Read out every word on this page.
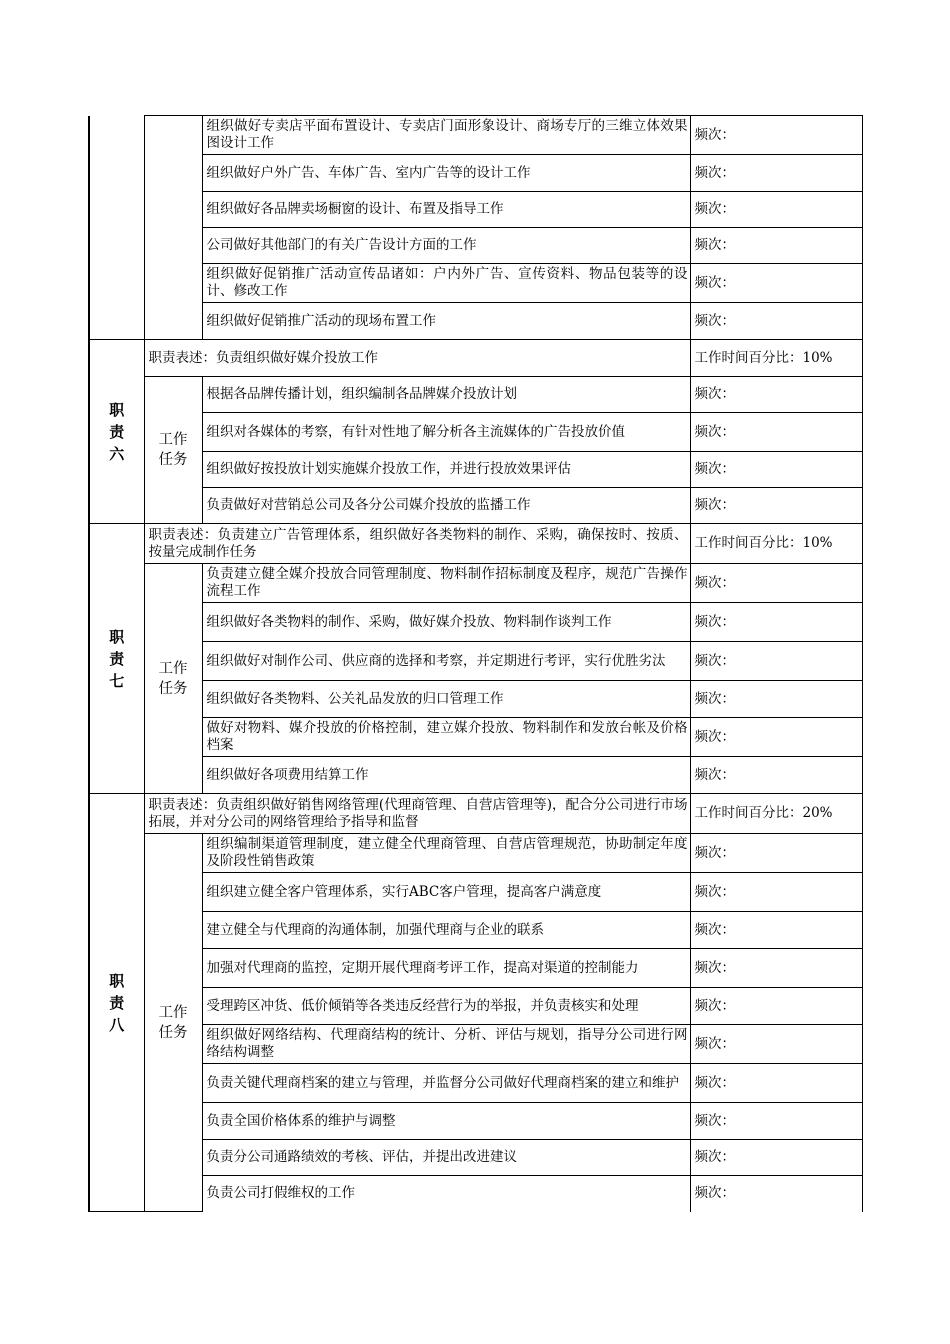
		组织做好专卖店平面布置设计、专卖店门面形象设计、商场专厅的三维立体效果图设计工作	频次：
		组织做好户外广告、车体广告、室内广告等的设计工作	频次：
		组织做好各品牌卖场橱窗的设计、布置及指导工作	频次：
		公司做好其他部门的有关广告设计方面的工作	频次：
		组织做好促销推广活动宣传品诸如：户内外广告、宣传资料、物品包装等的设计、修改工作	频次：
		组织做好促销推广活动的现场布置工作	频次：
职责六	职责表述：负责组织做好媒介投放工作		工作时间百分比：10%
	工作任务	根据各品牌传播计划，组织编制各品牌媒介投放计划	频次：
		组织对各媒体的考察，有针对性地了解分析各主流媒体的广告投放价值	频次：
		组织做好按投放计划实施媒介投放工作，并进行投放效果评估	频次：
		负责做好对营销总公司及各分公司媒介投放的监播工作	频次：
职责七	职责表述：负责建立广告管理体系，组织做好各类物料的制作、采购，确保按时、按质、按量完成制作任务		工作时间百分比：10%
	工作任务	负责建立健全媒介投放合同管理制度、物料制作招标制度及程序，规范广告操作流程工作	频次：
		组织做好各类物料的制作、采购，做好媒介投放、物料制作谈判工作	频次：
		组织做好对制作公司、供应商的选择和考察，并定期进行考评，实行优胜劣汰	频次：
		组织做好各类物料、公关礼品发放的归口管理工作	频次：
		做好对物料、媒介投放的价格控制，建立媒介投放、物料制作和发放台帐及价格档案	频次：
		组织做好各项费用结算工作	频次：
职责八	职责表述：负责组织做好销售网络管理(代理商管理、自营店管理等)，配合分公司进行市场拓展，并对分公司的网络管理给予指导和监督		工作时间百分比：20%
	工作任务	组织编制渠道管理制度，建立健全代理商管理、自营店管理规范，协助制定年度及阶段性销售政策	频次：
		组织建立健全客户管理体系，实行ABC客户管理，提高客户满意度	频次：
		建立健全与代理商的沟通体制，加强代理商与企业的联系	频次：
		加强对代理商的监控，定期开展代理商考评工作，提高对渠道的控制能力	频次：
		受理跨区冲货、低价倾销等各类违反经营行为的举报，并负责核实和处理	频次：
		组织做好网络结构、代理商结构的统计、分析、评估与规划，指导分公司进行网络结构调整	频次：
		负责关键代理商档案的建立与管理，并监督分公司做好代理商档案的建立和维护	频次：
		负责全国价格体系的维护与调整	频次：
		负责分公司通路绩效的考核、评估，并提出改进建议	频次：
		负责公司打假维权的工作	频次：
